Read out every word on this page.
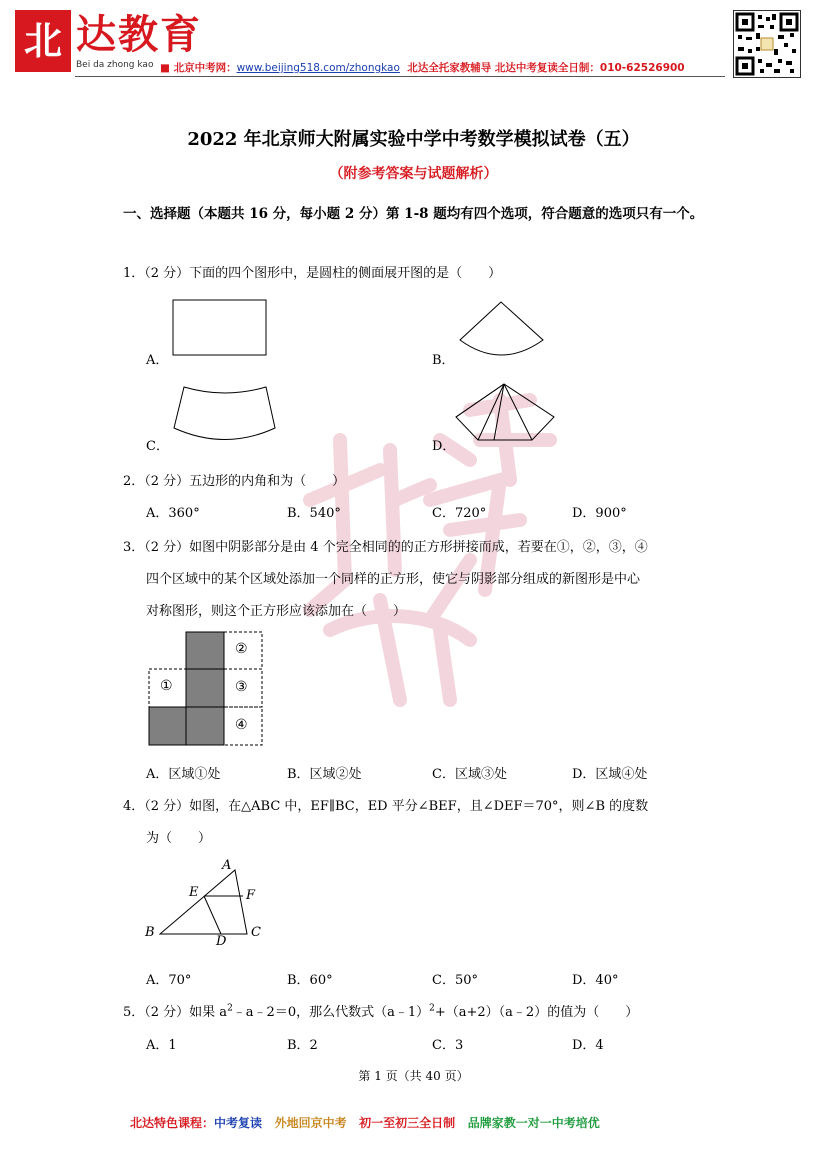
北 达教育
Bei da zhong kao ■ 北京中考网：www.beijing518.com/zhongkao 北达全托家教辅导 北达中考复读全日制：010-62526900
2022 年北京师大附属实验中学中考数学模拟试卷（五）
（附参考答案与试题解析）
一、选择题（本题共 16 分，每小题 2 分）第 1-8 题均有四个选项，符合题意的选项只有一个。
1．（2 分）下面的四个图形中，是圆柱的侧面展开图的是（　　）
A．	B．
C．	D．
2．（2 分）五边形的内角和为（　　）
A．360°	B．540°	C．720°	D．900°
3．（2 分）如图中阴影部分是由 4 个完全相同的的正方形拼接而成，若要在①，②，③，④
四个区域中的某个区域处添加一个同样的正方形，使它与阴影部分组成的新图形是中心
对称图形，则这个正方形应该添加在（　　）
①
②
③
④
A．区域①处	B．区域②处	C．区域③处	D．区域④处
4．（2 分）如图，在△ABC 中，EF∥BC，ED 平分∠BEF，且∠DEF＝70°，则∠B 的度数
为（　　）
A
B	C
D
E	F
A．70°	B．60°	C．50°	D．40°
5．（2 分）如果 $a^2﹣a﹣2=0$，那么代数式（a﹣1）$^2$+（a+2）（a﹣2）的值为（　　）
A．1	B．2	C．3	D．4
第 1 页（共 40 页）
北达特色课程：中考复读 外地回京中考 初一至初三全日制 品牌家教一对一中考培优
